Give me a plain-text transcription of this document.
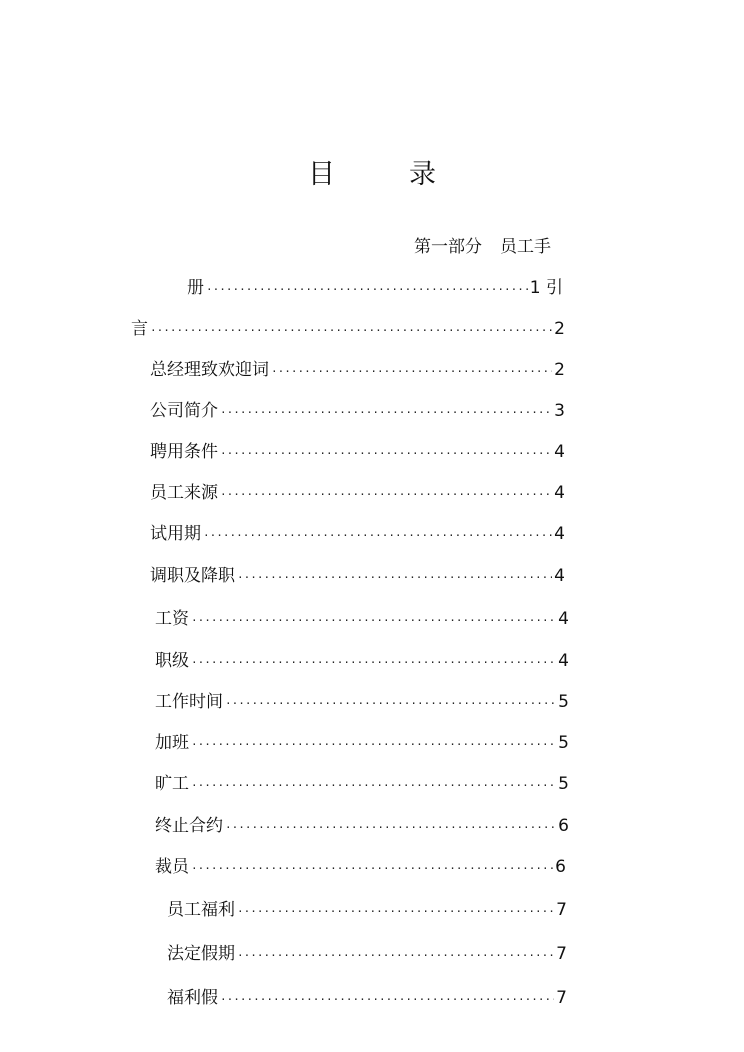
目	录
第一部分 员工手
册 ·····	1 引
言 ·····	2
总经理致欢迎词 ·····	2
公司简介 ·····	3
聘用条件 ·····	4
员工来源 ·····	4
试用期 ·····	4
调职及降职 ·····	4
工资 ·····	4
职级 ·····	4
工作时间 ·····	5
加班 ·····	5
旷工 ·····	5
终止合约 ·····	6
裁员 ·····	6
员工福利 ·····	7
法定假期 ·····	7
福利假 ·····	7
